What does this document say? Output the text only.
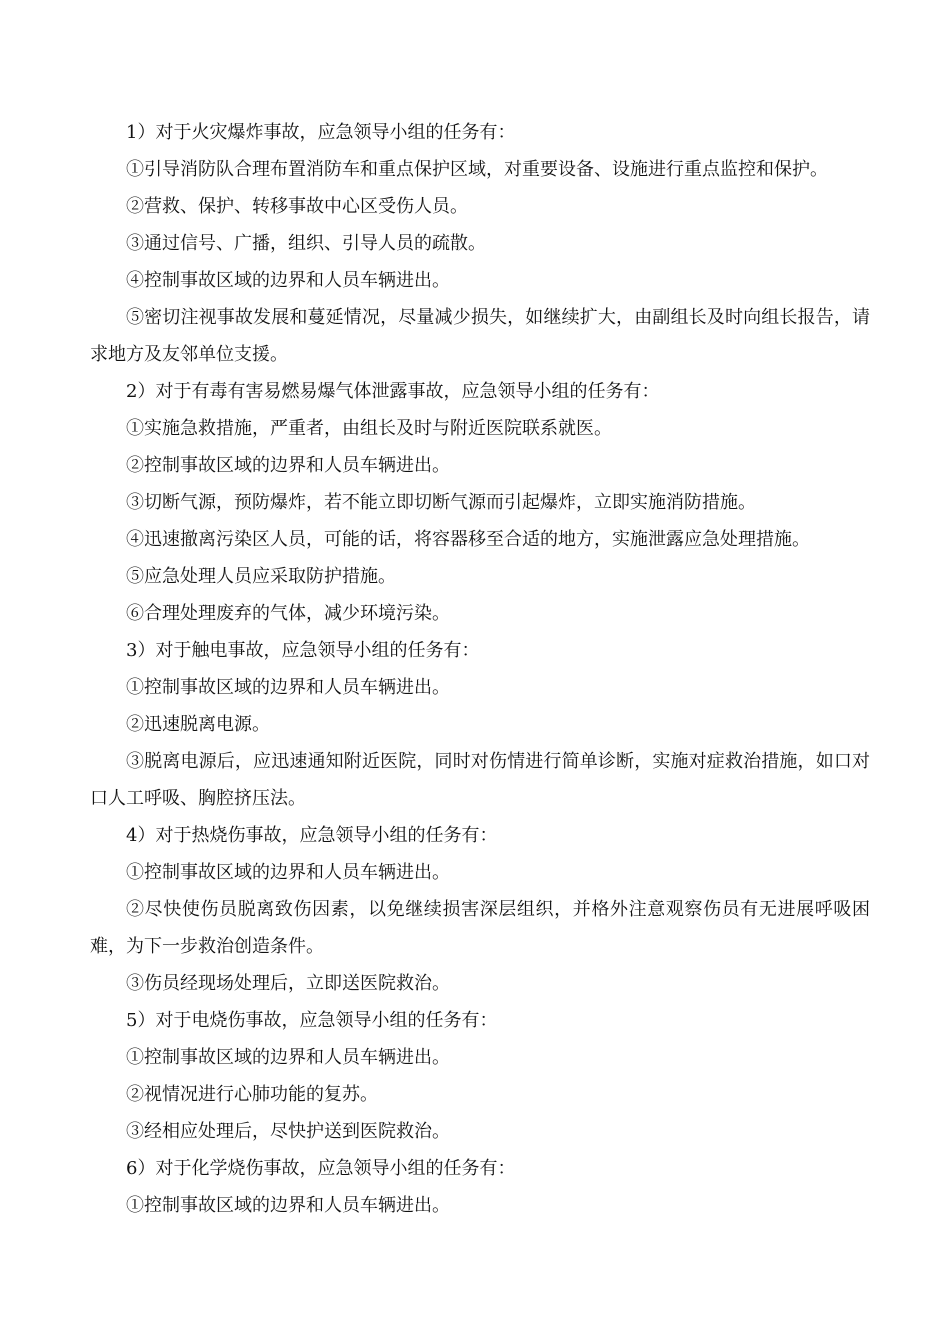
1）对于火灾爆炸事故，应急领导小组的任务有：

①引导消防队合理布置消防车和重点保护区域，对重要设备、设施进行重点监控和保护。

②营救、保护、转移事故中心区受伤人员。

③通过信号、广播，组织、引导人员的疏散。

④控制事故区域的边界和人员车辆进出。

⑤密切注视事故发展和蔓延情况，尽量减少损失，如继续扩大，由副组长及时向组长报告，请求地方及友邻单位支援。

2）对于有毒有害易燃易爆气体泄露事故，应急领导小组的任务有：

①实施急救措施，严重者，由组长及时与附近医院联系就医。

②控制事故区域的边界和人员车辆进出。

③切断气源，预防爆炸，若不能立即切断气源而引起爆炸，立即实施消防措施。

④迅速撤离污染区人员，可能的话，将容器移至合适的地方，实施泄露应急处理措施。

⑤应急处理人员应采取防护措施。

⑥合理处理废弃的气体，减少环境污染。

3）对于触电事故，应急领导小组的任务有：

①控制事故区域的边界和人员车辆进出。

②迅速脱离电源。

③脱离电源后，应迅速通知附近医院，同时对伤情进行简单诊断，实施对症救治措施，如口对口人工呼吸、胸腔挤压法。

4）对于热烧伤事故，应急领导小组的任务有：

①控制事故区域的边界和人员车辆进出。

②尽快使伤员脱离致伤因素，以免继续损害深层组织，并格外注意观察伤员有无进展呼吸困难，为下一步救治创造条件。

③伤员经现场处理后，立即送医院救治。

5）对于电烧伤事故，应急领导小组的任务有：

①控制事故区域的边界和人员车辆进出。

②视情况进行心肺功能的复苏。

③经相应处理后，尽快护送到医院救治。

6）对于化学烧伤事故，应急领导小组的任务有：

①控制事故区域的边界和人员车辆进出。
